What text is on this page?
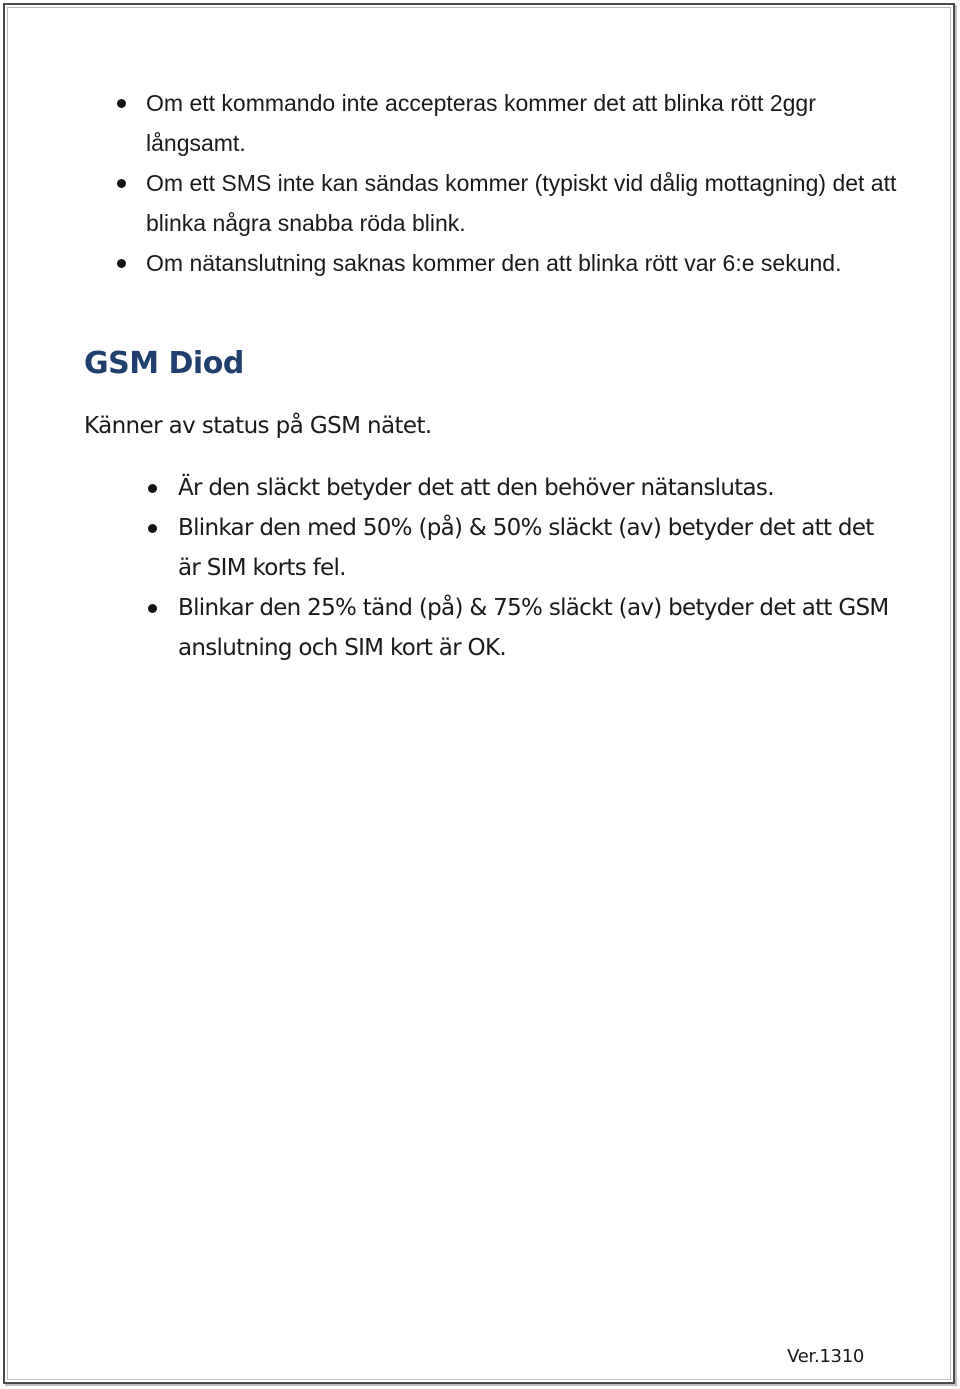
Om ett kommando inte accepteras kommer det att blinka rött 2ggr långsamt.
Om ett SMS inte kan sändas kommer (typiskt vid dålig mottagning) det att blinka några snabba röda blink.
Om nätanslutning saknas kommer den att blinka rött var 6:e sekund.
GSM Diod

Känner av status på GSM nätet.

Är den släckt betyder det att den behöver nätanslutas.
Blinkar den med 50% (på) & 50% släckt (av) betyder det att det är SIM korts fel.
Blinkar den 25% tänd (på) & 75% släckt (av) betyder det att GSM anslutning och SIM kort är OK.

Ver.1310
